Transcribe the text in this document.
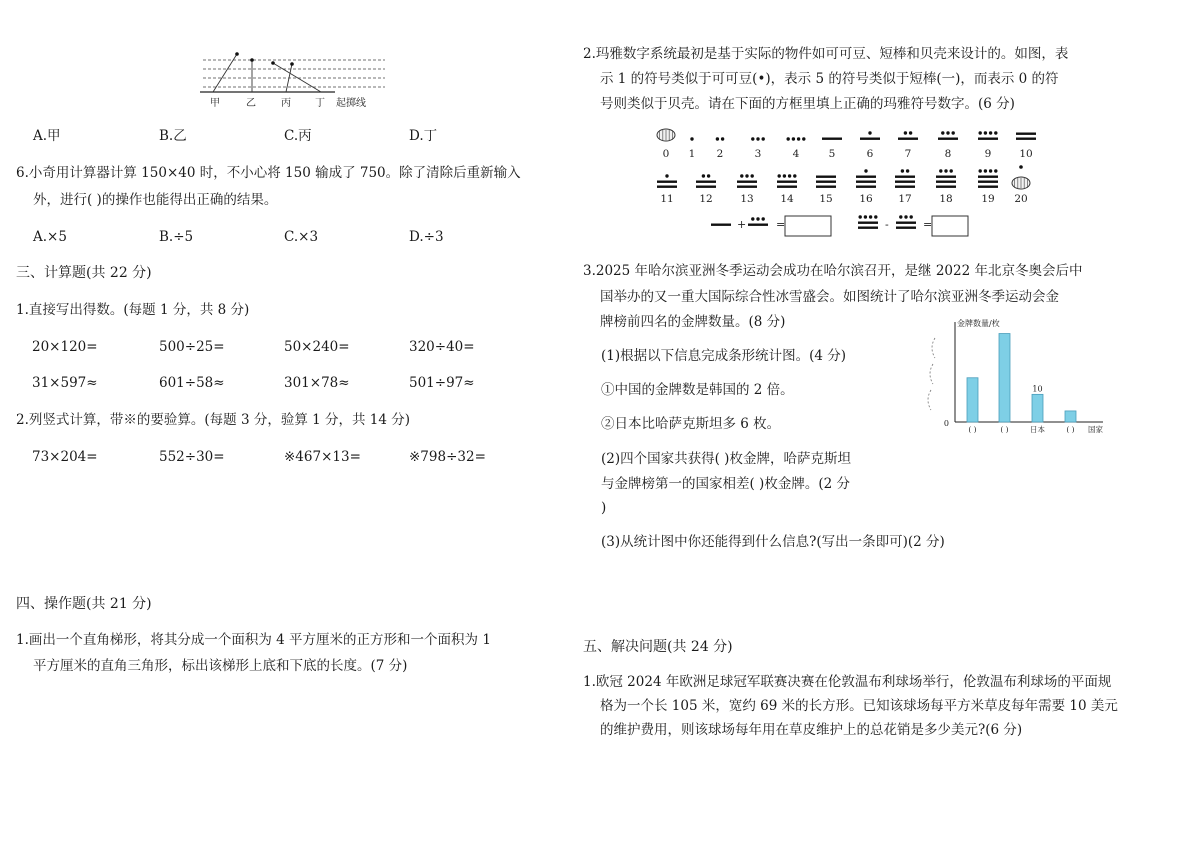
甲	乙	丙 丁 起掷线
A.甲	B.乙	C.丙	D.丁
6.小奇用计算器计算 150×40 时，不小心将 150 输成了 750。除了清除后重新输入
外，进行( )的操作也能得出正确的结果。
A.×5	B.÷5	C.×3	D.÷3
三、计算题(共 22 分)
1.直接写出得数。(每题 1 分，共 8 分)
20×120=	500÷25=	50×240=	320÷40=
31×597≈	601÷58≈	301×78≈	501÷97≈
2.列竖式计算，带※的要验算。(每题 3 分，验算 1 分，共 14 分)
73×204=	552÷30=	※467×13=	※798÷32=
四、操作题(共 21 分)
1.画出一个直角梯形，将其分成一个面积为 4 平方厘米的正方形和一个面积为 1
平方厘米的直角三角形，标出该梯形上底和下底的长度。(7 分)
2.玛雅数字系统最初是基于实际的物件如可可豆、短棒和贝壳来设计的。如图，表
示 1 的符号类似于可可豆(•)，表示 5 的符号类似于短棒(一)，而表示 0 的符
号则类似于贝壳。请在下面的方框里填上正确的玛雅符号数字。(6 分)
0 1 2	3	4	5	6	7	8	9	10
11 12	13	14 15	16 17	18	19 20
+	=	-	=
3.2025 年哈尔滨亚洲冬季运动会成功在哈尔滨召开，是继 2022 年北京冬奥会后中
国举办的又一重大国际综合性冰雪盛会。如图统计了哈尔滨亚洲冬季运动会金
牌榜前四名的金牌数量。(8 分)
(1)根据以下信息完成条形统计图。(4 分)
①中国的金牌数是韩国的 2 倍。
②日本比哈萨克斯坦多 6 枚。
(2)四个国家共获得( )枚金牌，哈萨克斯坦
与金牌榜第一的国家相差( )枚金牌。(2 分
)
(3)从统计图中你还能得到什么信息?(写出一条即可)(2 分)
金牌数量/枚
0
( )	( )
10
日本	( ) 国家
五、解决问题(共 24 分)
1.欧冠 2024 年欧洲足球冠军联赛决赛在伦敦温布利球场举行，伦敦温布利球场的平面规
格为一个长 105 米，宽约 69 米的长方形。已知该球场每平方米草皮每年需要 10 美元
的维护费用，则该球场每年用在草皮维护上的总花销是多少美元?(6 分)
